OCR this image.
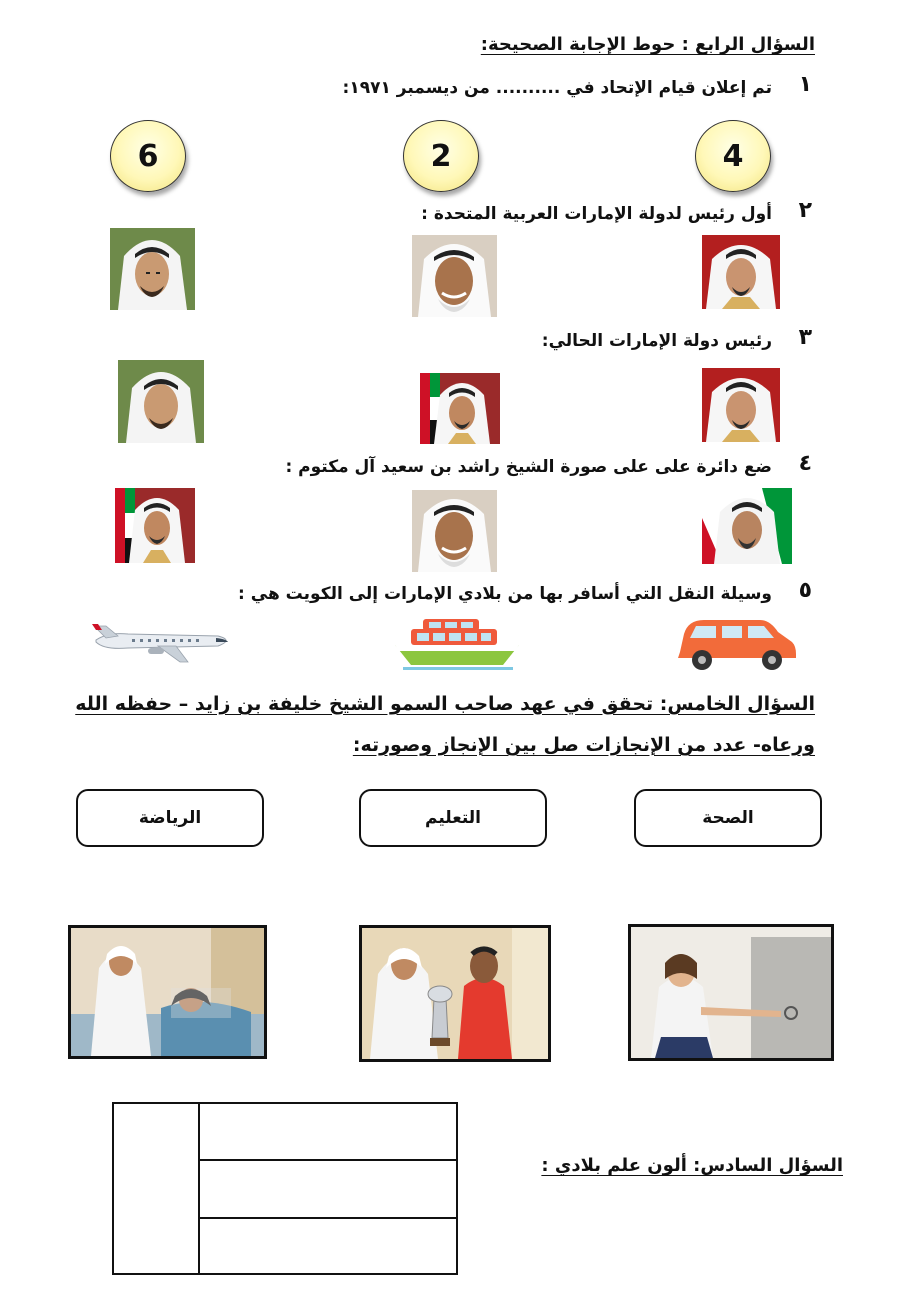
السؤال الرابع : حوط الإجابة الصحيحة:
١
تم إعلان قيام الإتحاد في .......... من ديسمبر ١٩٧١:
6	2	4
٢
أول رئيس لدولة الإمارات العربية المتحدة :
٣
رئيس دولة الإمارات الحالي:
٤
ضع دائرة على على صورة الشيخ راشد بن سعيد آل مكتوم :
٥
وسيلة النقل التي أسافر بها من بلادي الإمارات إلى الكويت هي :
السؤال الخامس: تحقق في عهد صاحب السمو الشيخ خليفة بن زايد – حفظه الله
ورعاه- عدد من الإنجازات صل بين الإنجاز وصورته:
الرياضة	التعليم	الصحة
السؤال السادس: ألون علم بلادي :
